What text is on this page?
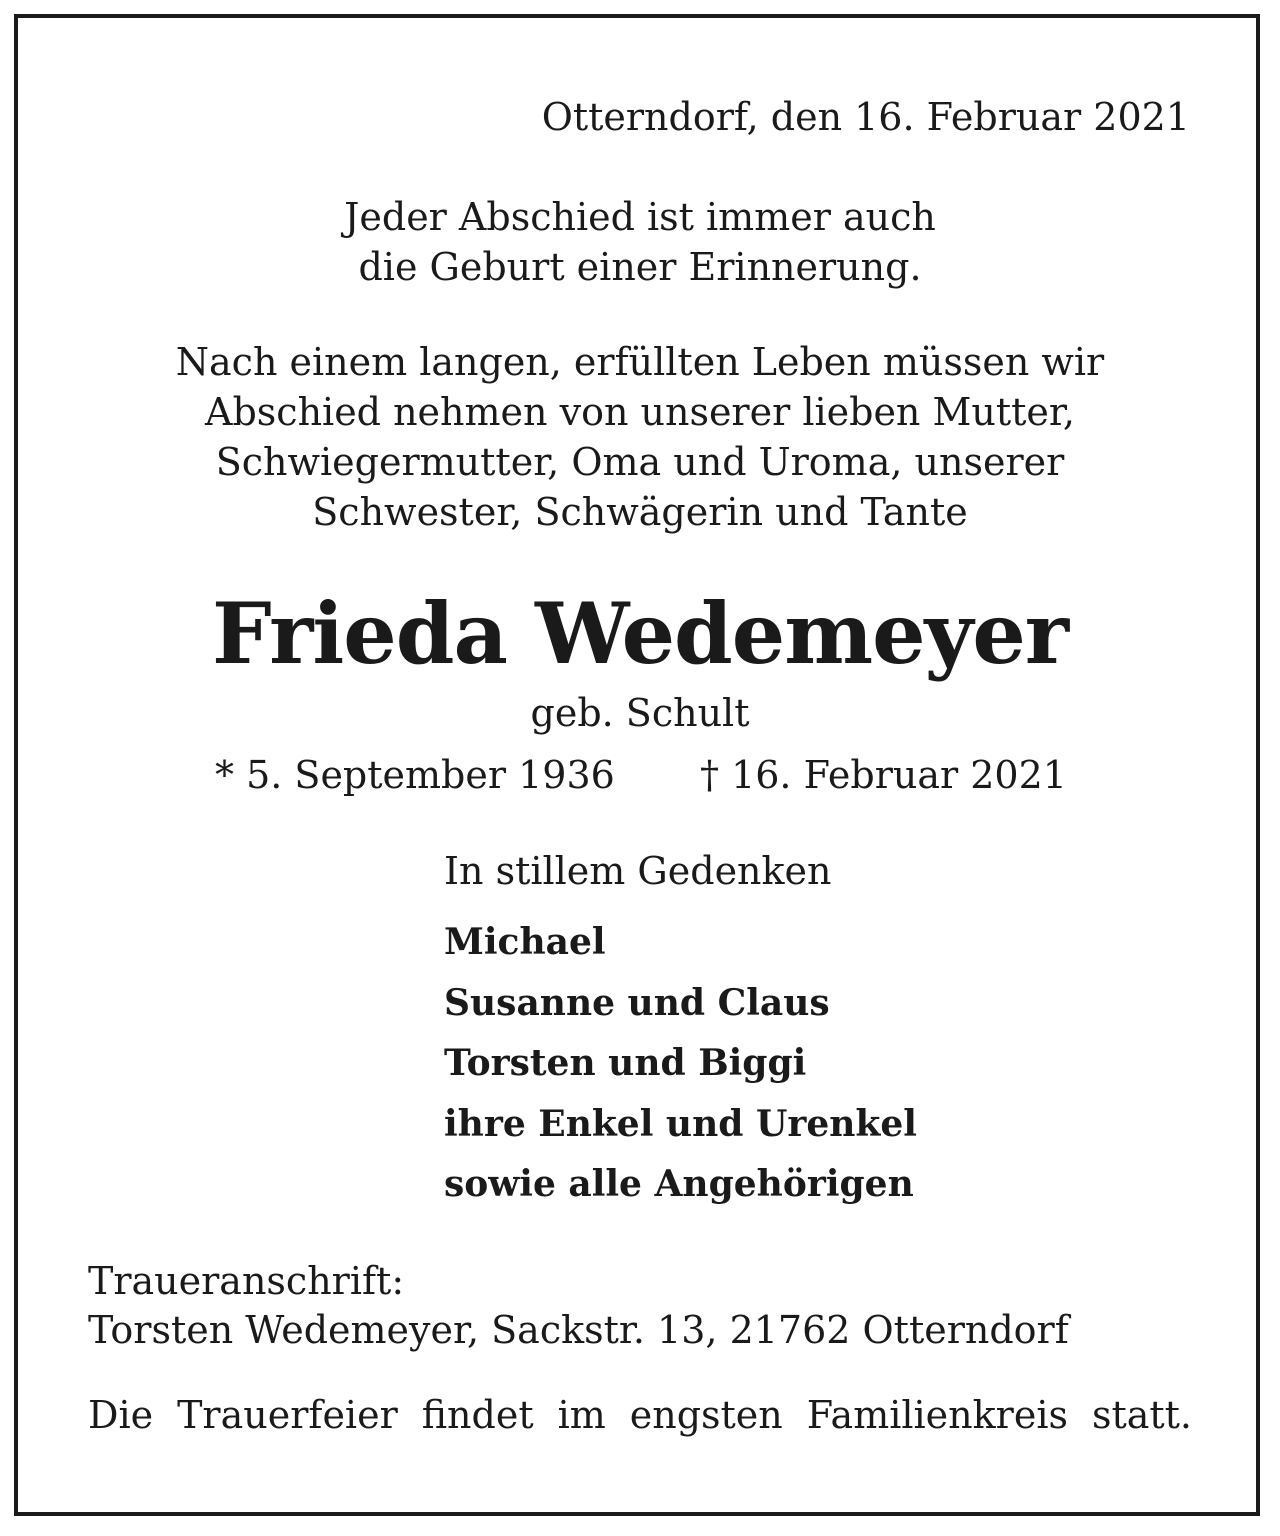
Otterndorf, den 16. Februar 2021
Jeder Abschied ist immer auch
die Geburt einer Erinnerung.
Nach einem langen, erfüllten Leben müssen wir
Abschied nehmen von unserer lieben Mutter,
Schwiegermutter, Oma und Uroma, unserer
Schwester, Schwägerin und Tante
Frieda Wedemeyer
geb. Schult
* 5. September 1936 † 16. Februar 2021
In stillem Gedenken
Michael
Susanne und Claus
Torsten und Biggi
ihre Enkel und Urenkel
sowie alle Angehörigen
Traueranschrift:
Torsten Wedemeyer, Sackstr. 13, 21762 Otterndorf
Die Trauerfeier findet im engsten Familienkreis statt.
